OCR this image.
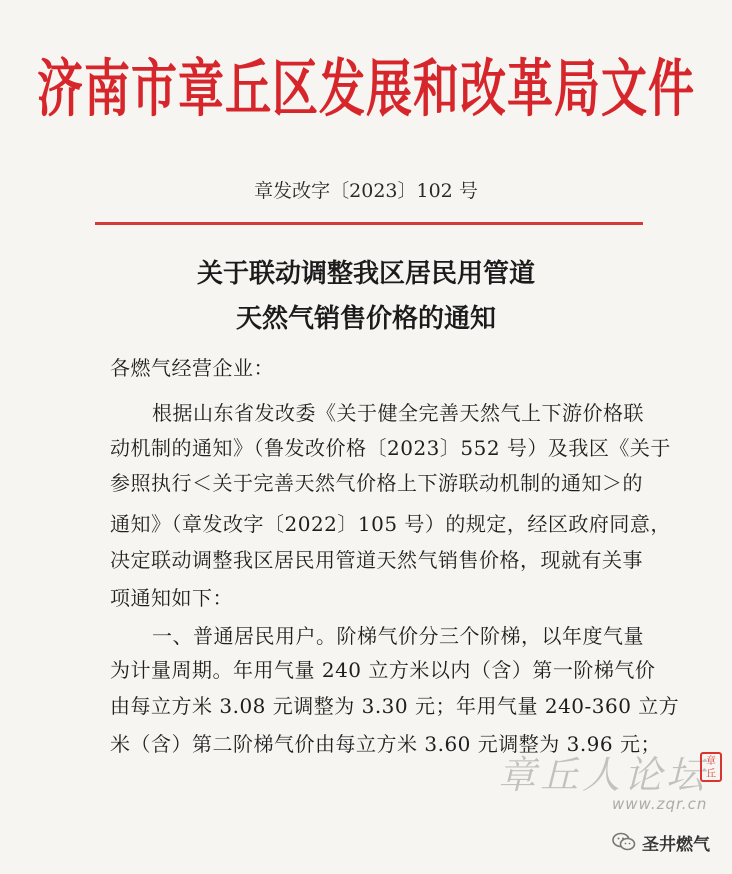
济南市章丘区发展和改革局文件
章发改字〔2023〕102 号
关于联动调整我区居民用管道
天然气销售价格的通知
各燃气经营企业：
根据山东省发改委《关于健全完善天然气上下游价格联
动机制的通知》（鲁发改价格〔2023〕552 号）及我区《关于
参照执行＜关于完善天然气价格上下游联动机制的通知＞的
通知》（章发改字〔2022〕105 号）的规定，经区政府同意，
决定联动调整我区居民用管道天然气销售价格，现就有关事
项通知如下：
一、普通居民用户。阶梯气价分三个阶梯，以年度气量
为计量周期。年用气量 240 立方米以内（含）第一阶梯气价
由每立方米 3.08 元调整为 3.30 元；年用气量 240-360 立方
米（含）第二阶梯气价由每立方米 3.60 元调整为 3.96 元；
章丘人论坛
章丘
www.zqr.cn
圣井燃气
